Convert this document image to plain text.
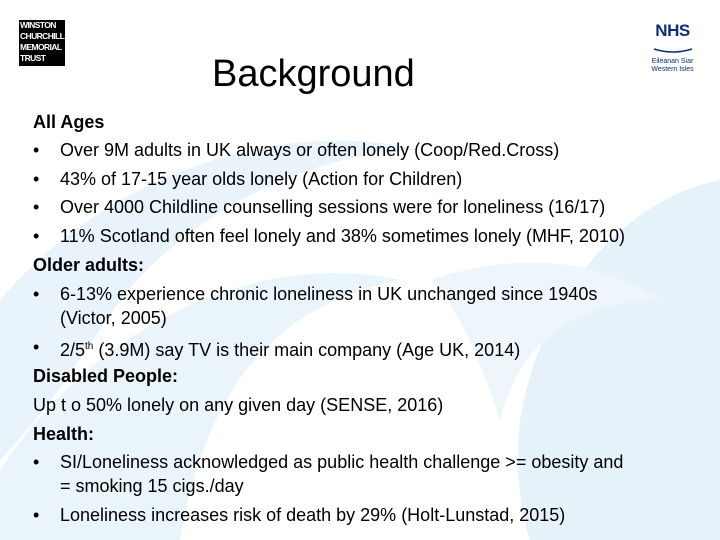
WINSTON
CHURCHILL
MEMORIAL
TRUST
NHS
Eileanan Siar
Western Isles
Background
All Ages
• Over 9M adults in UK always or often lonely (Coop/Red.Cross)
• 43% of 17-15 year olds lonely (Action for Children)
• Over 4000 Childline counselling sessions were for loneliness (16/17)
• 11% Scotland often feel lonely and 38% sometimes lonely (MHF, 2010)
Older adults:
• 6-13% experience chronic loneliness in UK unchanged since 1940s
(Victor, 2005)
• 2/5th (3.9M) say TV is their main company (Age UK, 2014)
Disabled People:
Up t o 50% lonely on any given day (SENSE, 2016)
Health:
• SI/Loneliness acknowledged as public health challenge >= obesity and
= smoking 15 cigs./day
• Loneliness increases risk of death by 29% (Holt-Lunstad, 2015)
